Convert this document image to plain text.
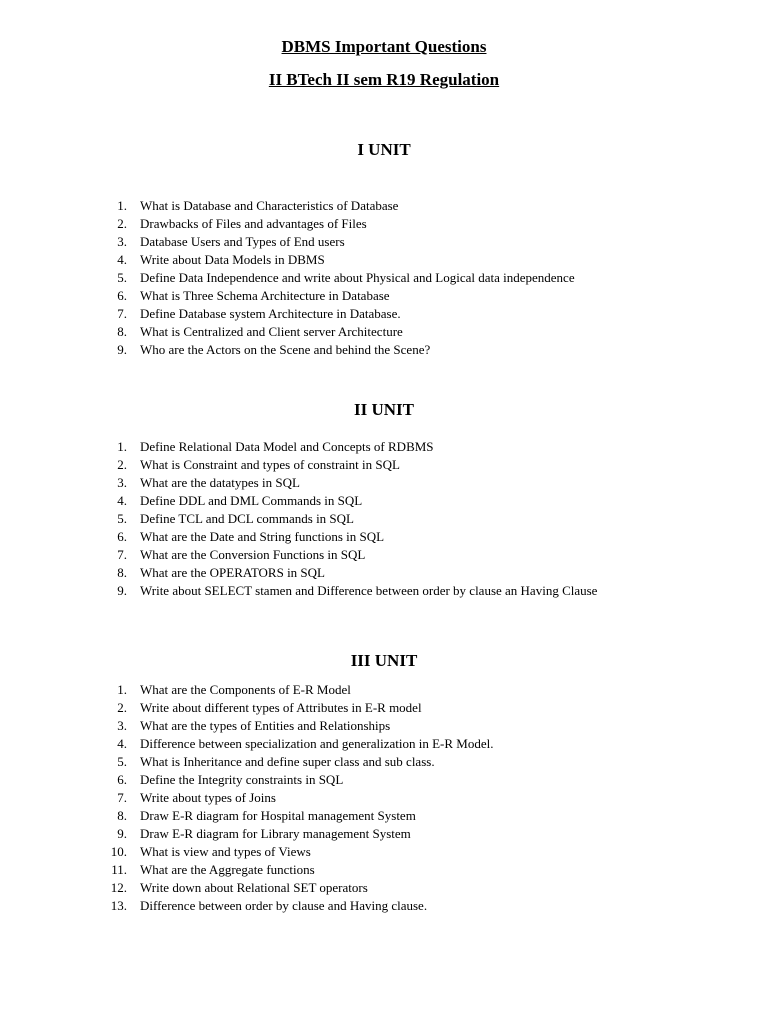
DBMS Important Questions
II BTech II sem R19 Regulation
I UNIT
1. What is Database and Characteristics of Database
2. Drawbacks of Files and advantages of Files
3. Database Users and Types of End users
4. Write about Data Models in DBMS
5. Define Data Independence and write about Physical and Logical data independence
6. What is Three Schema Architecture in Database
7. Define Database system Architecture in Database.
8. What is Centralized and Client server Architecture
9. Who are the Actors on the Scene and behind the Scene?
II UNIT
1. Define Relational Data Model and Concepts of RDBMS
2. What is Constraint and types of constraint in SQL
3. What are the datatypes in SQL
4. Define DDL and DML Commands in SQL
5. Define TCL and DCL commands in SQL
6. What are the Date and String functions in SQL
7. What are the Conversion Functions in SQL
8. What are the OPERATORS in SQL
9. Write about SELECT stamen and Difference between order by clause an Having Clause
III UNIT
1. What are the Components of E-R Model
2. Write about different types of Attributes in E-R model
3. What are the types of Entities and Relationships
4. Difference between specialization and generalization in E-R Model.
5. What is Inheritance and define super class and sub class.
6. Define the Integrity constraints in SQL
7. Write about types of Joins
8. Draw E-R diagram for Hospital management System
9. Draw E-R diagram for Library management System
10. What is view and types of Views
11. What are the Aggregate functions
12. Write down about Relational SET operators
13. Difference between order by clause and Having clause.
